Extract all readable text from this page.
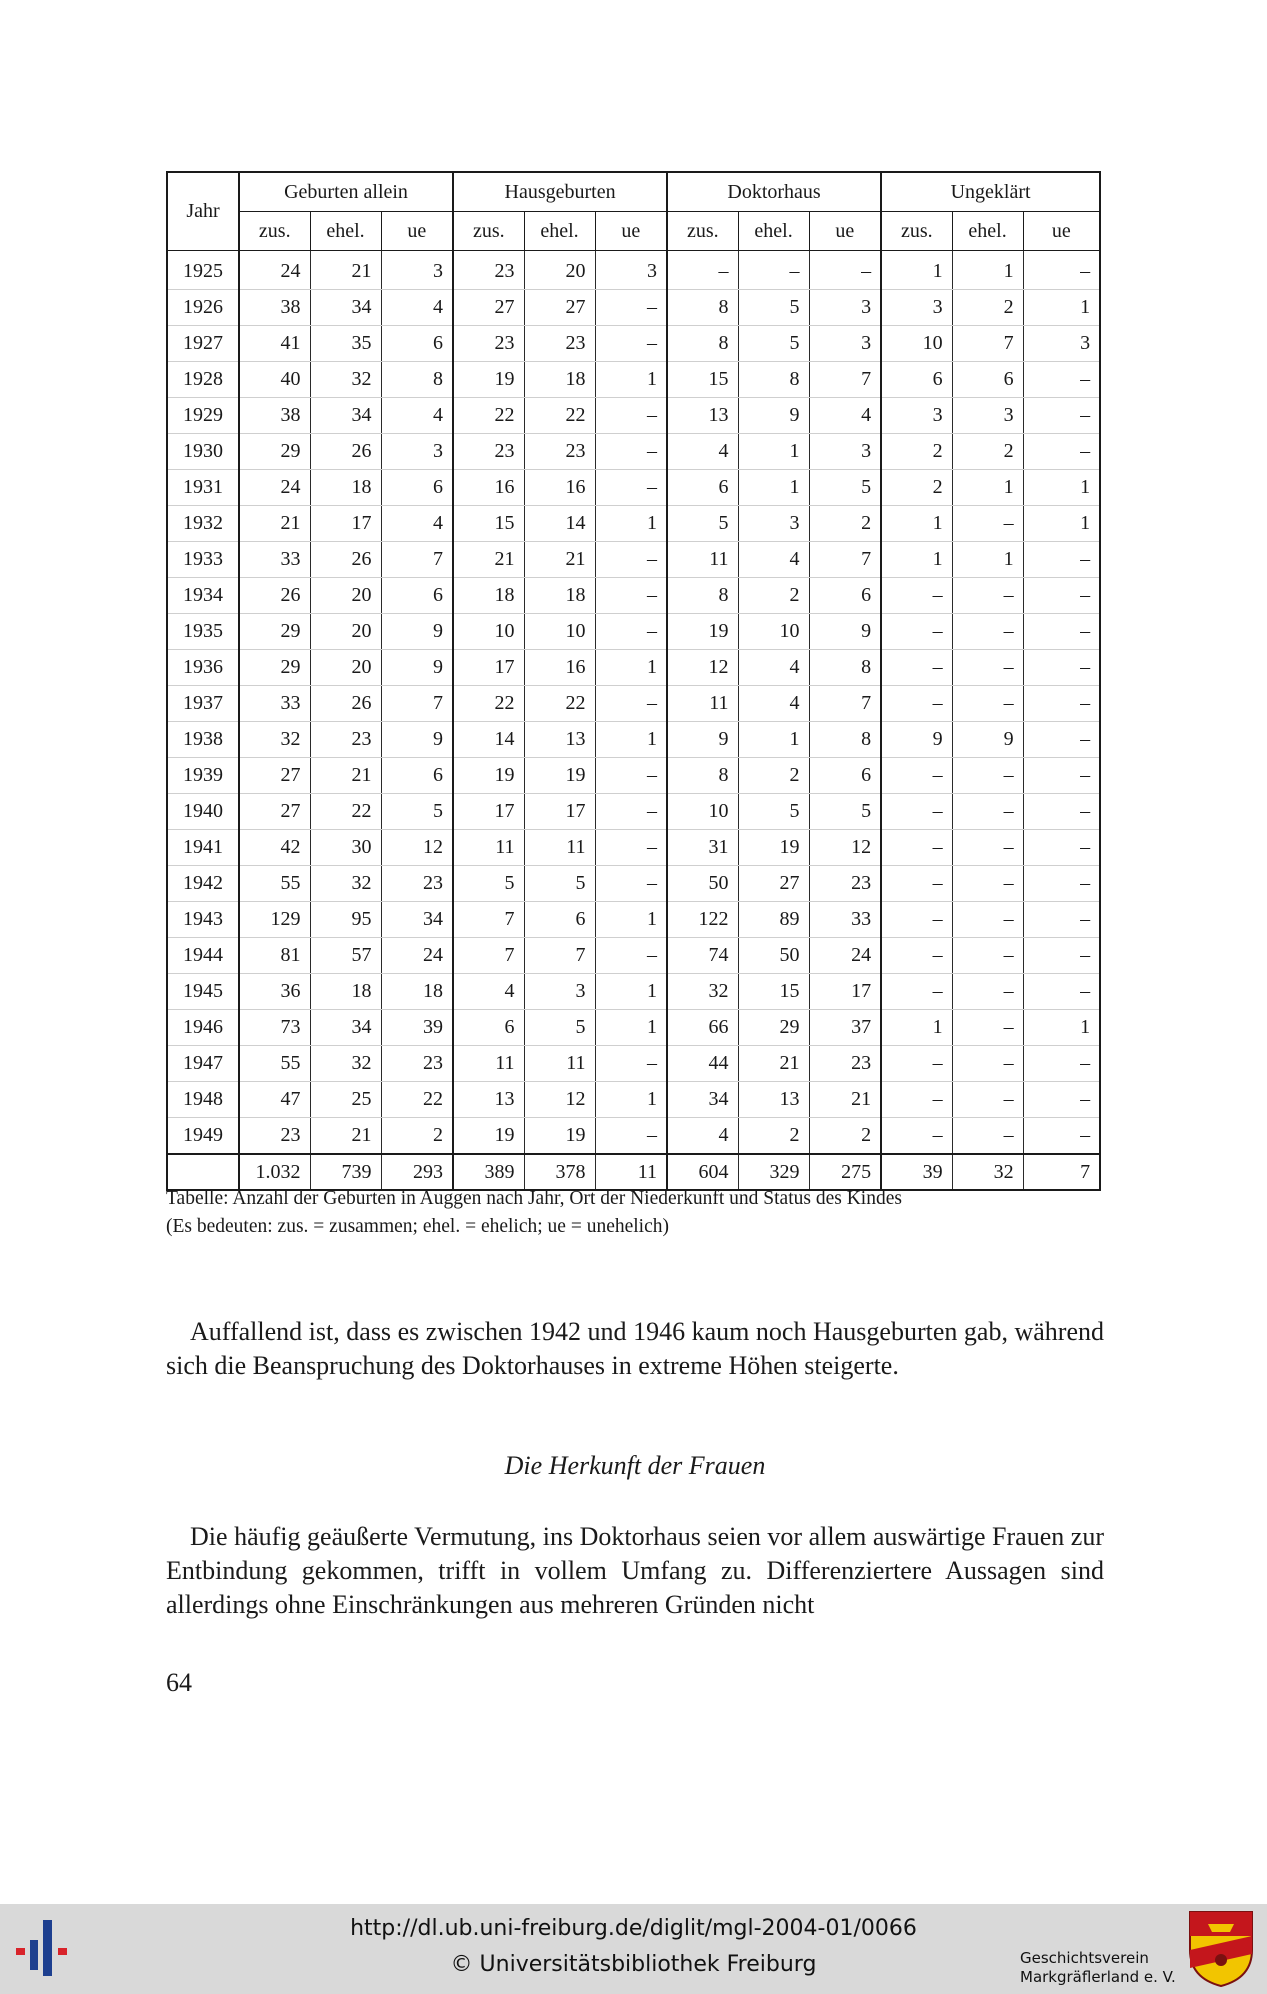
Jahr	Geburten allein			Hausgeburten			Doktorhaus			Ungeklärt		
	zus.	ehel.	ue	zus.	ehel.	ue	zus.	ehel.	ue	zus.	ehel.	ue
1925	24	21	3	23	20	3	–	–	–	1	1	–
1926	38	34	4	27	27	–	8	5	3	3	2	1
1927	41	35	6	23	23	–	8	5	3	10	7	3
1928	40	32	8	19	18	1	15	8	7	6	6	–
1929	38	34	4	22	22	–	13	9	4	3	3	–
1930	29	26	3	23	23	–	4	1	3	2	2	–
1931	24	18	6	16	16	–	6	1	5	2	1	1
1932	21	17	4	15	14	1	5	3	2	1	–	1
1933	33	26	7	21	21	–	11	4	7	1	1	–
1934	26	20	6	18	18	–	8	2	6	–	–	–
1935	29	20	9	10	10	–	19	10	9	–	–	–
1936	29	20	9	17	16	1	12	4	8	–	–	–
1937	33	26	7	22	22	–	11	4	7	–	–	–
1938	32	23	9	14	13	1	9	1	8	9	9	–
1939	27	21	6	19	19	–	8	2	6	–	–	–
1940	27	22	5	17	17	–	10	5	5	–	–	–
1941	42	30	12	11	11	–	31	19	12	–	–	–
1942	55	32	23	5	5	–	50	27	23	–	–	–
1943	129	95	34	7	6	1	122	89	33	–	–	–
1944	81	57	24	7	7	–	74	50	24	–	–	–
1945	36	18	18	4	3	1	32	15	17	–	–	–
1946	73	34	39	6	5	1	66	29	37	1	–	1
1947	55	32	23	11	11	–	44	21	23	–	–	–
1948	47	25	22	13	12	1	34	13	21	–	–	–
1949	23	21	2	19	19	–	4	2	2	–	–	–
	1.032	739	293	389	378	11	604	329	275	39	32	7
Tabelle: Anzahl der Geburten in Auggen nach Jahr, Ort der Niederkunft und Status des Kindes
(Es bedeuten: zus. = zusammen; ehel. = ehelich; ue = unehelich)
Auffallend ist, dass es zwischen 1942 und 1946 kaum noch Hausgeburten gab, während sich die Beanspruchung des Doktorhauses in extreme Höhen steigerte.
Die Herkunft der Frauen
Die häufig geäußerte Vermutung, ins Doktorhaus seien vor allem auswärtige Frauen zur Entbindung gekommen, trifft in vollem Umfang zu. Differenziertere Aussagen sind allerdings ohne Einschränkungen aus mehreren Gründen nicht
64
http://dl.ub.uni-freiburg.de/diglit/mgl-2004-01/0066
© Universitätsbibliothek Freiburg	Geschichtsverein
Markgräflerland e. V.
